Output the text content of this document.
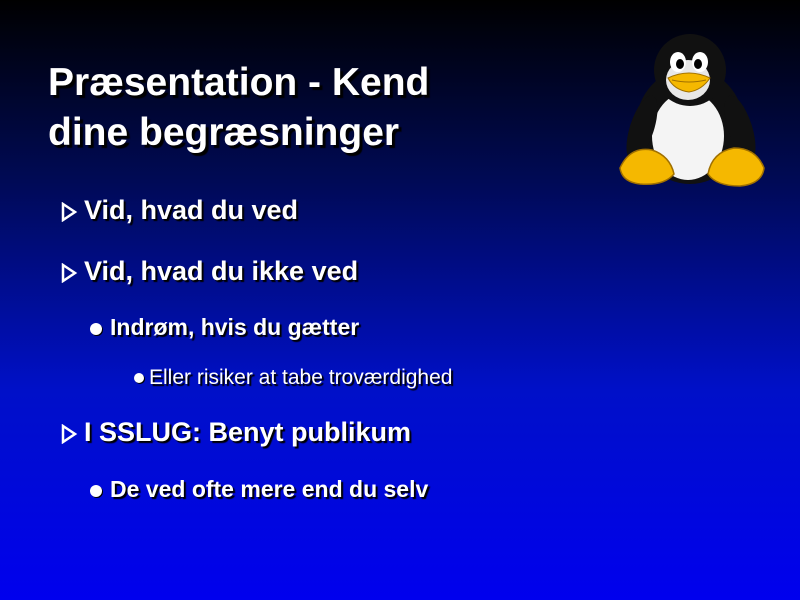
Præsentation - Kend
dine begræsninger
Vid, hvad du ved
Vid, hvad du ikke ved
Indrøm, hvis du gætter
Eller risiker at tabe troværdighed
I SSLUG: Benyt publikum
De ved ofte mere end du selv
